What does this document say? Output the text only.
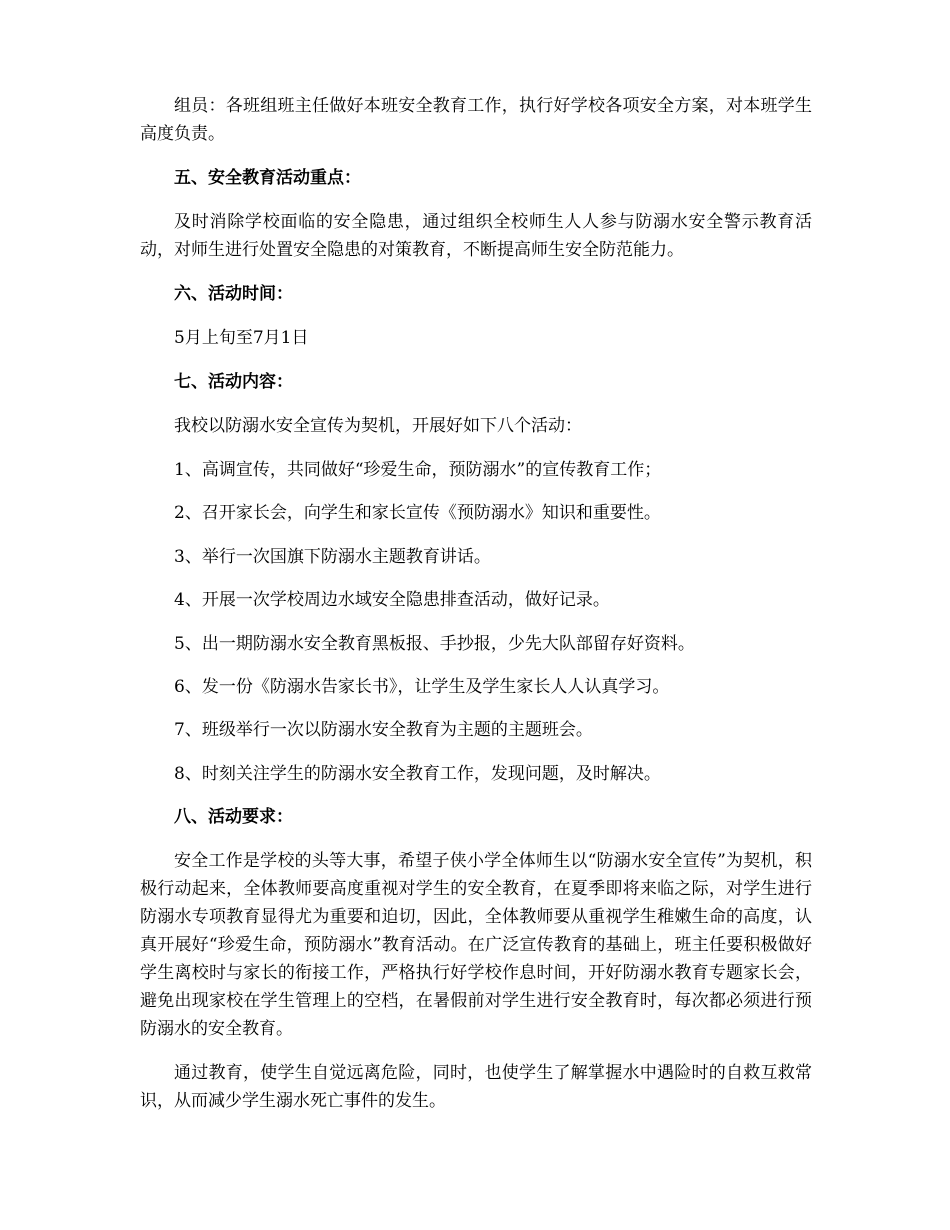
组员：各班组班主任做好本班安全教育工作，执行好学校各项安全方案，对本班学生高度负责。

五、安全教育活动重点：

及时消除学校面临的安全隐患，通过组织全校师生人人参与防溺水安全警示教育活动，对师生进行处置安全隐患的对策教育，不断提高师生安全防范能力。

六、活动时间：

5月上旬至7月1日

七、活动内容：

我校以防溺水安全宣传为契机，开展好如下八个活动：

1、高调宣传，共同做好“珍爱生命，预防溺水”的宣传教育工作；

2、召开家长会，向学生和家长宣传《预防溺水》知识和重要性。

3、举行一次国旗下防溺水主题教育讲话。

4、开展一次学校周边水域安全隐患排查活动，做好记录。

5、出一期防溺水安全教育黑板报、手抄报，少先大队部留存好资料。

6、发一份《防溺水告家长书》，让学生及学生家长人人认真学习。

7、班级举行一次以防溺水安全教育为主题的主题班会。

8、时刻关注学生的防溺水安全教育工作，发现问题，及时解决。

八、活动要求：

安全工作是学校的头等大事，希望子侠小学全体师生以“防溺水安全宣传”为契机，积极行动起来，全体教师要高度重视对学生的安全教育，在夏季即将来临之际，对学生进行防溺水专项教育显得尤为重要和迫切，因此，全体教师要从重视学生稚嫩生命的高度，认真开展好“珍爱生命，预防溺水”教育活动。在广泛宣传教育的基础上，班主任要积极做好学生离校时与家长的衔接工作，严格执行好学校作息时间，开好防溺水教育专题家长会，避免出现家校在学生管理上的空档，在暑假前对学生进行安全教育时，每次都必须进行预防溺水的安全教育。

通过教育，使学生自觉远离危险，同时，也使学生了解掌握水中遇险时的自救互救常识，从而减少学生溺水死亡事件的发生。
